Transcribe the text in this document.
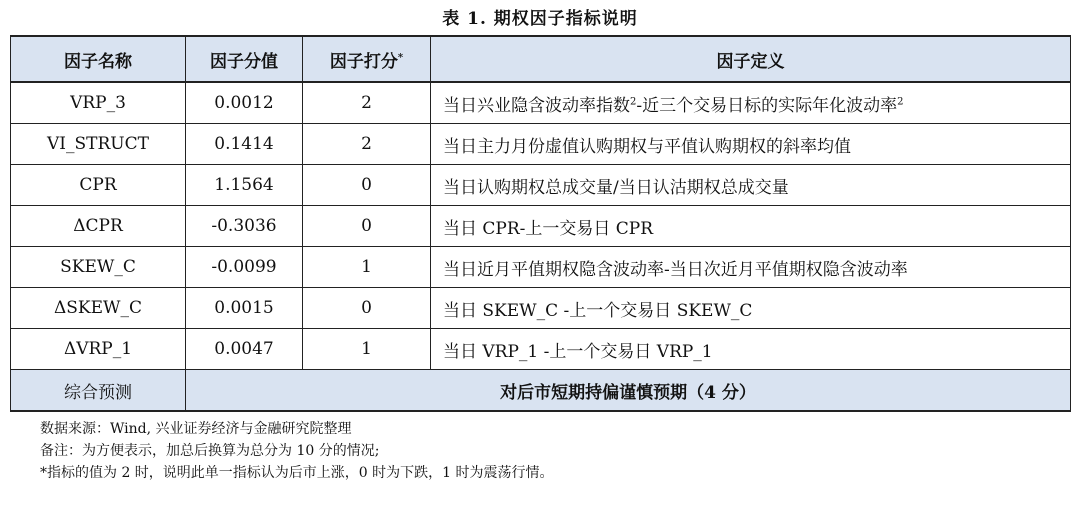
表 1. 期权因子指标说明
因子名称	因子分值	因子打分*	因子定义
VRP_3	0.0012	2	当日兴业隐含波动率指数$^2$-近三个交易日标的实际年化波动率$^2$
VI_STRUCT	0.1414	2	当日主力月份虚值认购期权与平值认购期权的斜率均值
CPR	1.1564	0	当日认购期权总成交量/当日认沽期权总成交量
ΔCPR	-0.3036	0	当日 CPR-上一交易日 CPR
SKEW_C	-0.0099	1	当日近月平值期权隐含波动率-当日次近月平值期权隐含波动率
ΔSKEW_C	0.0015	0	当日 SKEW_C -上一个交易日 SKEW_C
ΔVRP_1	0.0047	1	当日 VRP_1 -上一个交易日 VRP_1
综合预测	对后市短期持偏谨慎预期（4 分）		
数据来源：Wind, 兴业证券经济与金融研究院整理
备注：为方便表示，加总后换算为总分为 10 分的情况;
*指标的值为 2 时，说明此单一指标认为后市上涨，0 时为下跌，1 时为震荡行情。
